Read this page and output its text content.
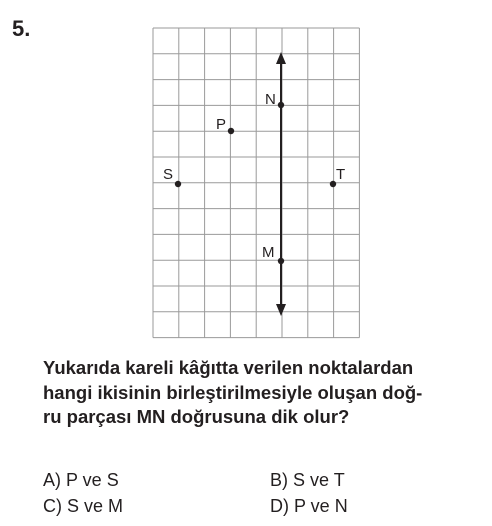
5.
N
P
S	T
M
Yukarıda kareli kâğıtta verilen noktalardan
hangi ikisinin birleştirilmesiyle oluşan doğ-
ru parçası MN doğrusuna dik olur?
A) P ve S	B) S ve T
C) S ve M	D) P ve N
